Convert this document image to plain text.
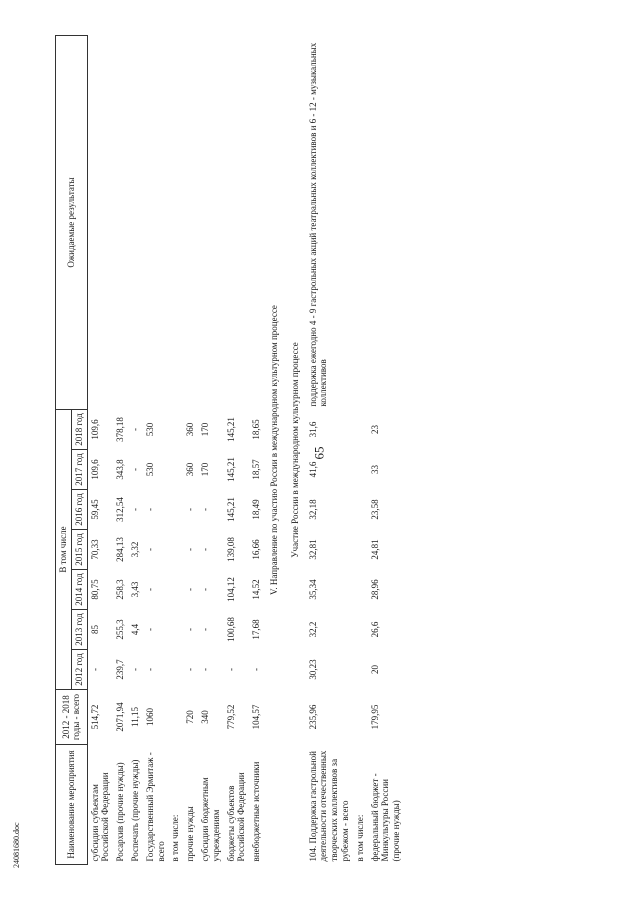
65
Наименование мероприятия	2012 - 2018 годы - всего	В том числе							Ожидаемые результаты
		2012 год	2013 год	2014 год	2015 год	2016 год	2017 год	2018 год	
субсидии субъектам Российской Федерации	514,72	-	85	80,75	70,33	59,45	109,6	109,6	
Росархив (прочие нужды)	2071,94	239,7	255,3	258,3	284,13	312,54	343,8	378,18	
Роспечать (прочие нужды)	11,15	-	4,4	3,43	3,32	-	-	-	
Государственный Эрмитаж - всего	1060	-	-	-	-	-	530	530	
в том числе:									
прочие нужды	720	-	-	-	-	-	360	360	
субсидии бюджетным учреждениям	340	-	-	-	-	-	170	170	
бюджеты субъектов Российской Федерации	779,52	-	100,68	104,12	139,08	145,21	145,21	145,21	
внебюджетные источники	104,57	-	17,68	14,52	16,66	18,49	18,57	18,65	
V. Направление по участию России в международном культурном процессе									
Участие России в международном культурном процессе									
104. Поддержка гастрольной деятельности отечественных творческих коллективов за рубежом - всего	235,96	30,23	32,2	35,34	32,81	32,18	41,6	31,6	поддержка ежегодно 4 - 9 гастрольных акций театральных коллективов и 6 - 12 - музыкальных коллективов
в том числе:									
федеральный бюджет - Минкультуры России (прочие нужды)	179,95	20	26,6	28,96	24,81	23,58	33	23	
24081680.doc
